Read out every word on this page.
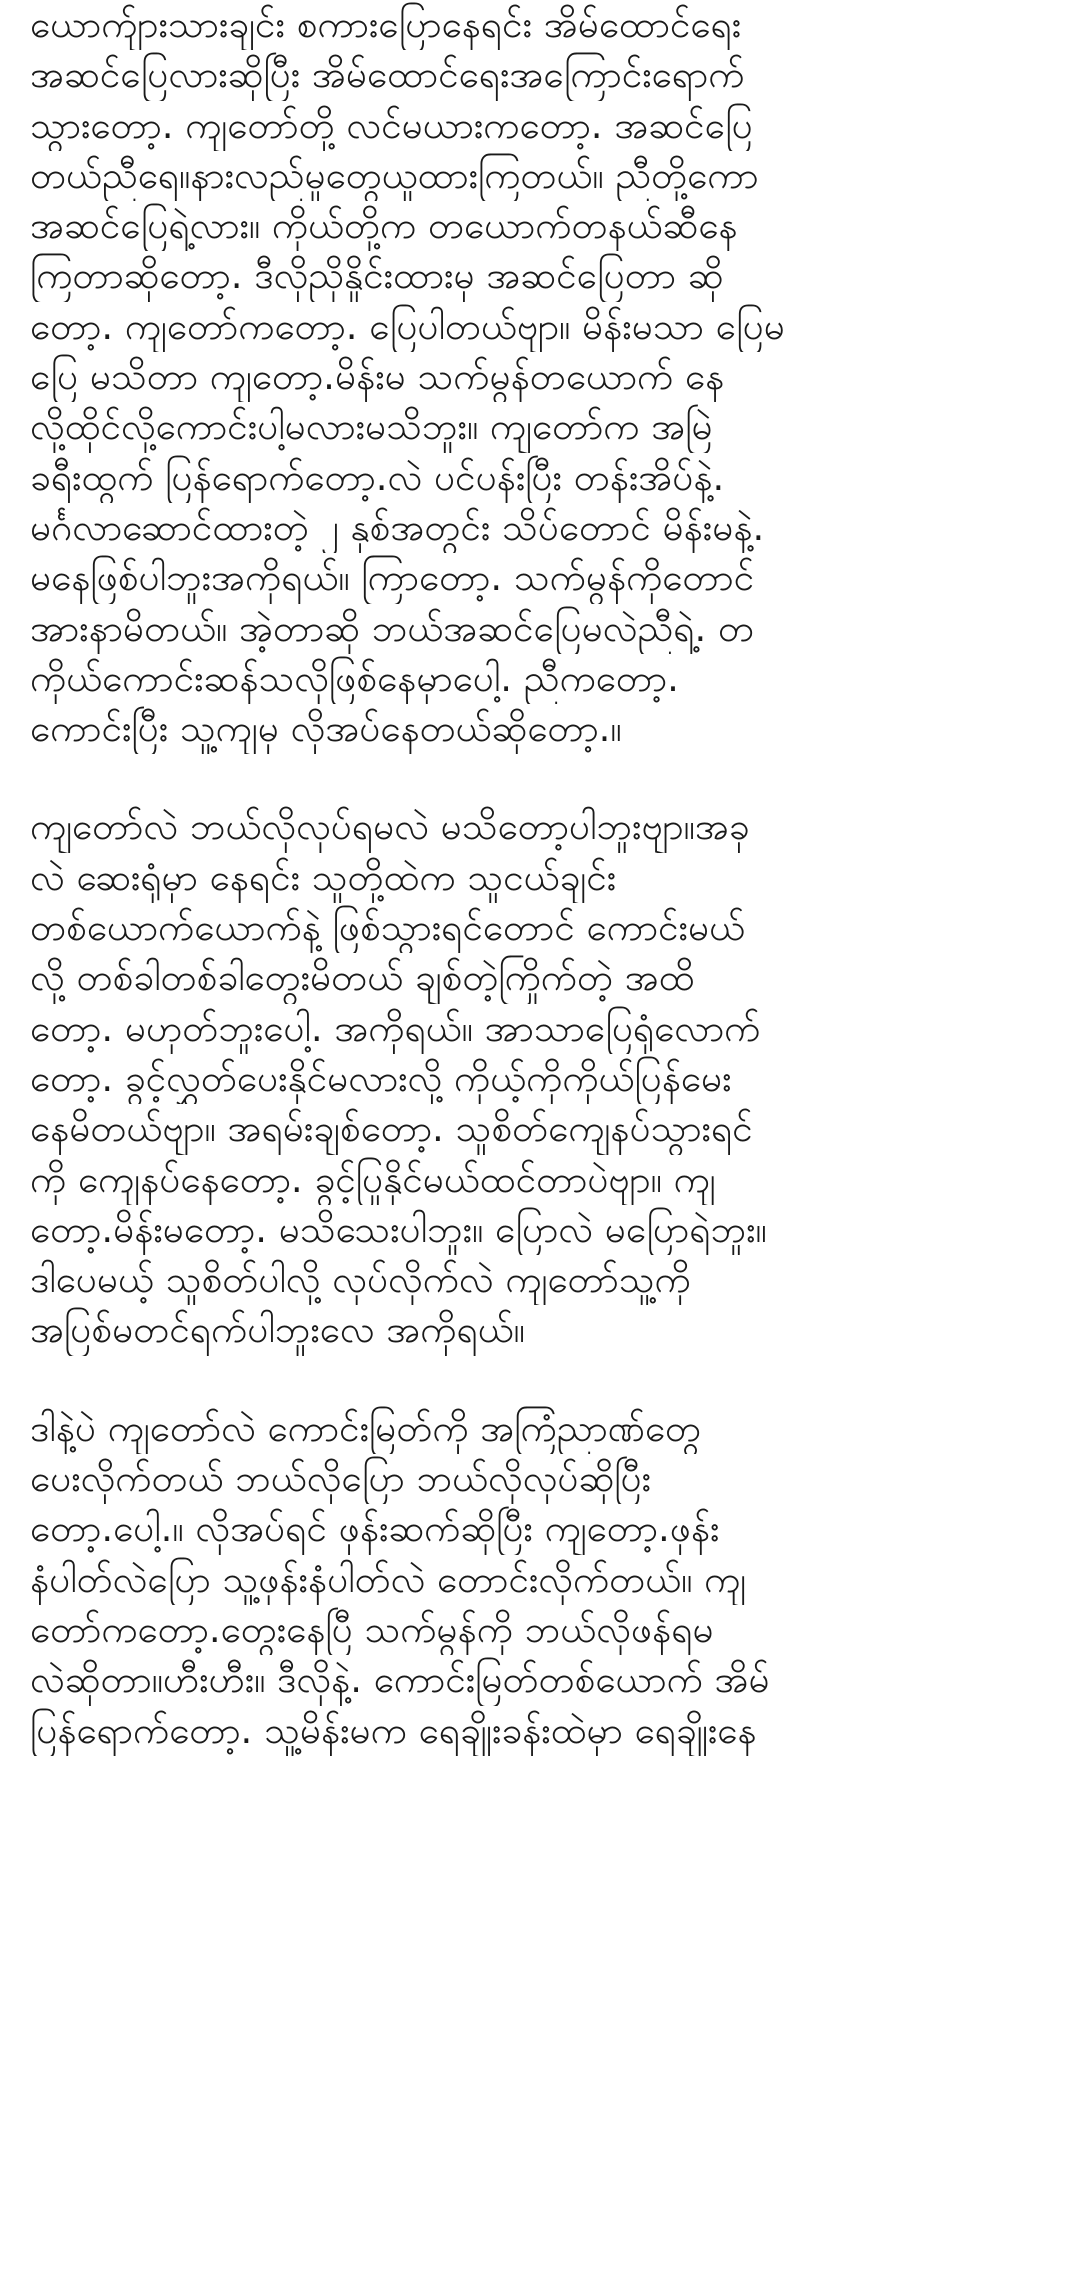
ယောက်ျားသားချင်း စကားပြောနေရင်း အိမ်ထောင်ရေး
အဆင်ပြေလားဆိုပြီး အိမ်ထောင်ရေးအကြောင်းရောက်
သွားတော့. ကျတော်တို့ လင်မယားကတော့. အဆင်ပြေ
တယ်ညီရေ။နားလည်မှုတွေယူထားကြတယ်။ ညီတို့ကော
အဆင်ပြေရဲ့လား။ ကိုယ်တို့က တယောက်တနယ်ဆီနေ
ကြတာဆိုတော့. ဒီလိုညှိနှိုင်းထားမှ အဆင်ပြေတာ ဆို
တော့. ကျတော်ကတော့. ပြေပါတယ်ဗျာ။ မိန်းမသာ ပြေမ
ပြေ မသိတာ ကျတော့.မိန်းမ သက်မွန်တယောက် နေ
လို့ထိုင်လို့ကောင်းပါ့မလားမသိဘူး။ ကျတော်က အမြဲ
ခရီးထွက် ပြန်ရောက်တော့.လဲ ပင်ပန်းပြီး တန်းအိပ်နဲ့.
မင်္ဂလာဆောင်ထားတဲ့ ၂ နှစ်အတွင်း သိပ်တောင် မိန်းမနဲ့.
မနေဖြစ်ပါဘူးအကိုရယ်။ ကြာတော့. သက်မွန်ကိုတောင်
အားနာမိတယ်။ အဲ့တာဆို ဘယ်အဆင်ပြေမလဲညီရဲ့. တ
ကိုယ်ကောင်းဆန်သလိုဖြစ်နေမှာပေါ့. ညီကတော့.
ကောင်းပြီး သူ့ကျမှ လိုအပ်နေတယ်ဆိုတော့.။
ကျတော်လဲ ဘယ်လိုလုပ်ရမလဲ မသိတော့ပါဘူးဗျာ။အခု
လဲ ဆေးရုံမှာ နေရင်း သူတို့ထဲက သူငယ်ချင်း
တစ်ယောက်ယောက်နဲ့ ဖြစ်သွားရင်တောင် ကောင်းမယ်
လို့ တစ်ခါတစ်ခါတွေးမိတယ် ချစ်တဲ့ကြိုက်တဲ့ အထိ
တော့. မဟုတ်ဘူးပေါ့. အကိုရယ်။ အာသာပြေရုံလောက်
တော့. ခွင့်လွှတ်ပေးနိုင်မလားလို့ ကိုယ့်ကိုကိုယ်ပြန်မေး
နေမိတယ်ဗျာ။ အရမ်းချစ်တော့. သူစိတ်ကျေနပ်သွားရင်
ကို ကျေနပ်နေတော့. ခွင့်ပြုနိုင်မယ်ထင်တာပဲဗျာ။ ကျ
တော့.မိန်းမတော့. မသိသေးပါဘူး။ ပြောလဲ မပြောရဲဘူး။
ဒါပေမယ့် သူစိတ်ပါလို့ လုပ်လိုက်လဲ ကျတော်သူ့ကို
အပြစ်မတင်ရက်ပါဘူးလေ အကိုရယ်။
ဒါနဲ့ပဲ ကျတော်လဲ ကောင်းမြတ်ကို အကြံညာဏ်တွေ
ပေးလိုက်တယ် ဘယ်လိုပြော ဘယ်လိုလုပ်ဆိုပြီး
တော့.ပေါ့.။ လိုအပ်ရင် ဖုန်းဆက်ဆိုပြီး ကျတော့.ဖုန်း
နံပါတ်လဲပြော သူ့ဖုန်းနံပါတ်လဲ တောင်းလိုက်တယ်။ ကျ
တော်ကတော့.တွေးနေပြီ သက်မွန်ကို ဘယ်လိုဖန်ရမ
လဲဆိုတာ။ဟီးဟီး။ ဒီလိုနဲ့. ကောင်းမြတ်တစ်ယောက် အိမ်
ပြန်ရောက်တော့. သူ့မိန်းမက ရေချိုးခန်းထဲမှာ ရေချိုးနေ
